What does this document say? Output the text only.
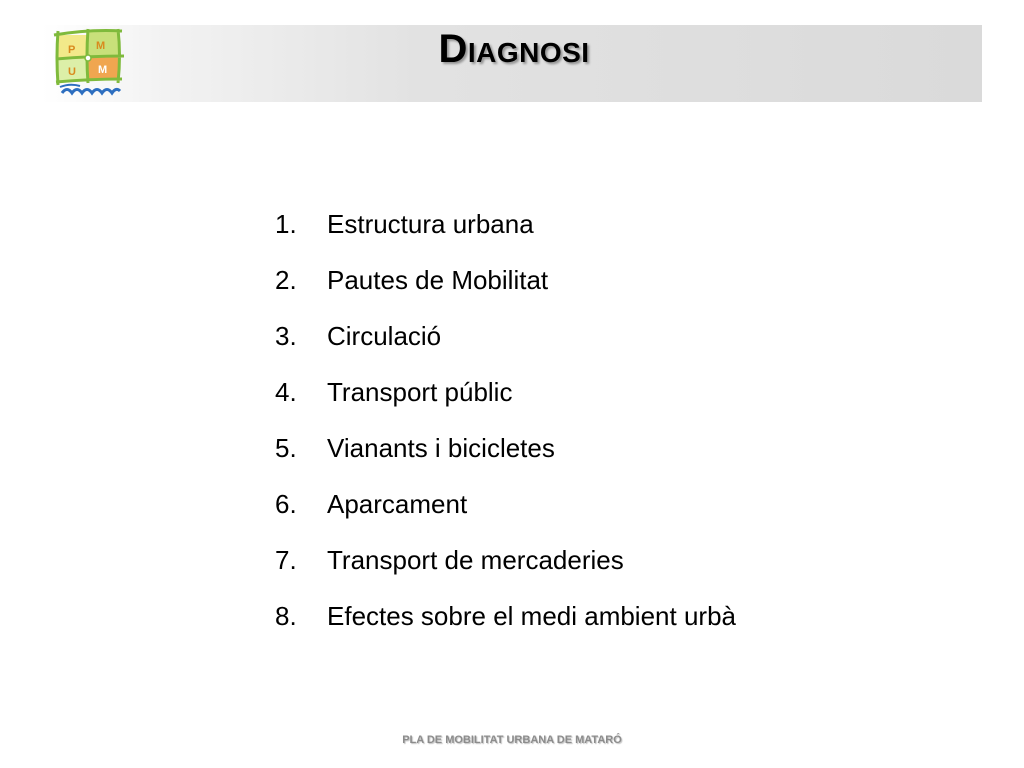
Diagnosi
P M
U M
1.	Estructura urbana
2.	Pautes de Mobilitat
3.	Circulació
4.	Transport públic
5.	Vianants i bicicletes
6.	Aparcament
7.	Transport de mercaderies
8.	Efectes sobre el medi ambient urbà
PLA DE MOBILITAT URBANA DE MATARÓ
